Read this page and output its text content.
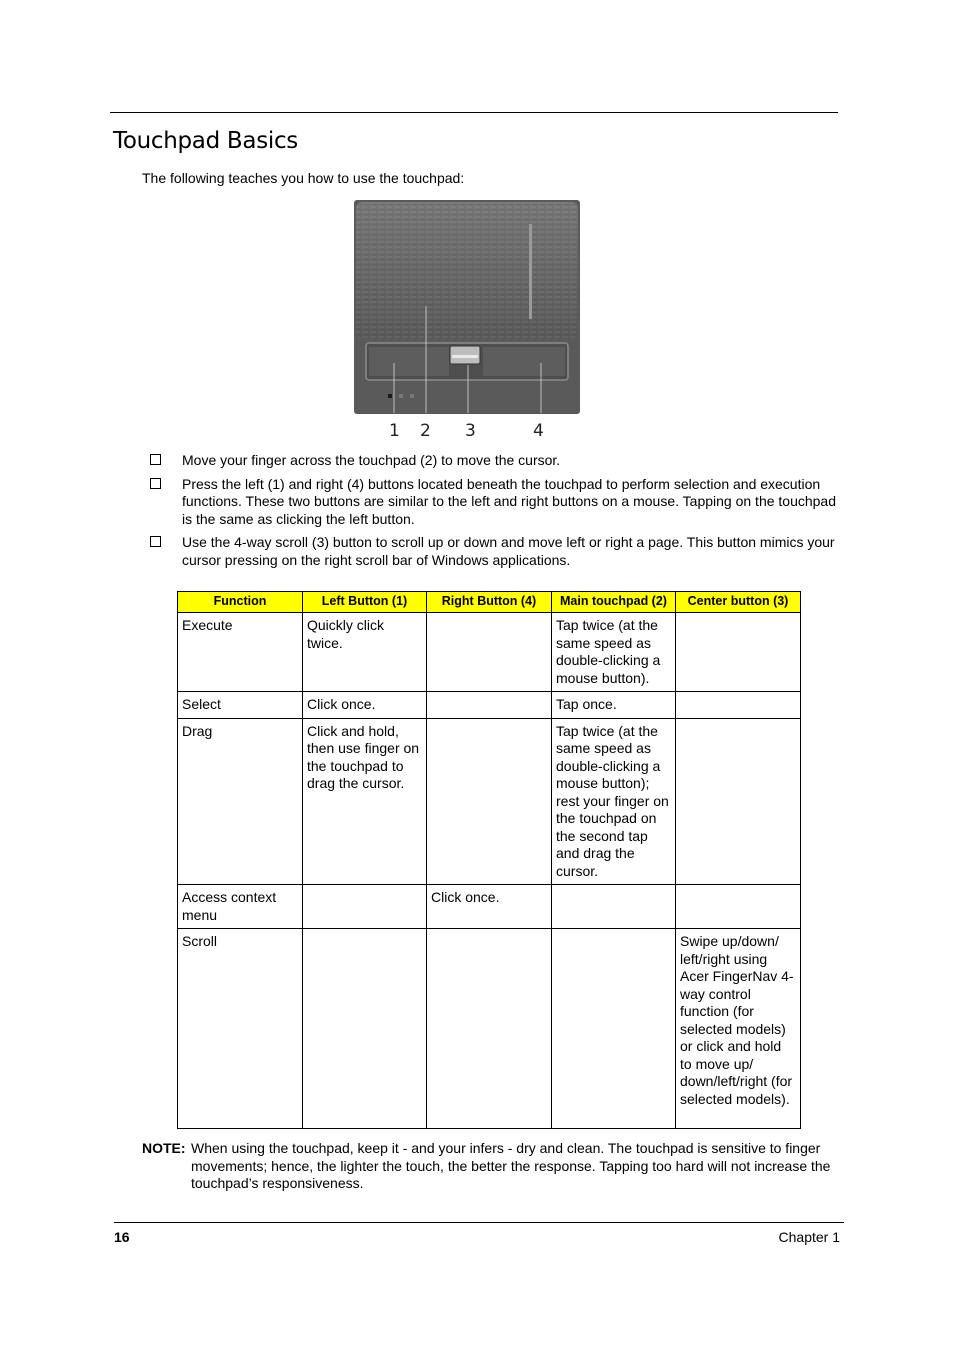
Touchpad Basics
The following teaches you how to use the touchpad:
1 2 3	4
Move your finger across the touchpad (2) to move the cursor.
Press the left (1) and right (4) buttons located beneath the touchpad to perform selection and execution functions. These two buttons are similar to the left and right buttons on a mouse. Tapping on the touchpad is the same as clicking the left button.
Use the 4-way scroll (3) button to scroll up or down and move left or right a page. This button mimics your cursor pressing on the right scroll bar of Windows applications.
Function	Left Button (1)	Right Button (4)	Main touchpad (2)	Center button (3)
Execute	Quickly click twice.		Tap twice (at the same speed as double-clicking a mouse button).	
Select	Click once.		Tap once.	
Drag	Click and hold, then use finger on the touchpad to drag the cursor.		Tap twice (at the same speed as double-clicking a mouse button); rest your finger on the touchpad on the second tap and drag the cursor.	
Access context menu		Click once.		
Scroll				Swipe up/down/ left/right using Acer FingerNav 4-way control function (for selected models) or click and hold to move up/ down/left/right (for selected models).
NOTE: When using the touchpad, keep it - and your infers - dry and clean. The touchpad is sensitive to finger movements; hence, the lighter the touch, the better the response. Tapping too hard will not increase the touchpad’s responsiveness.
16	Chapter 1
